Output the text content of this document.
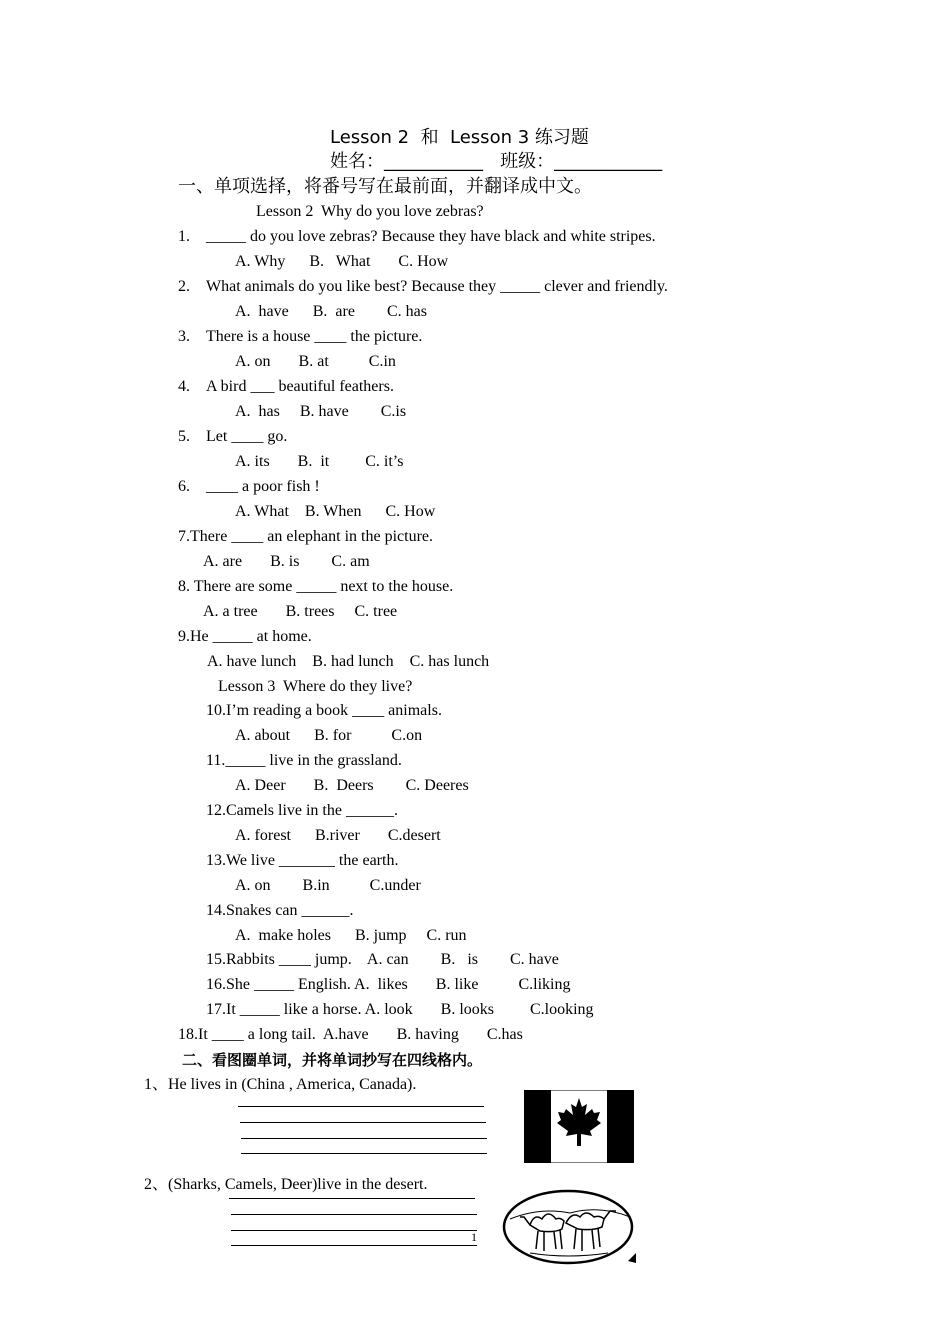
Lesson 2  和  Lesson 3 练习题
姓名：___________   班级：____________
一、单项选择，将番号写在最前面，并翻译成中文。
Lesson 2  Why do you love zebras?
1. _____ do you love zebras? Because they have black and white stripes.
A. Why      B.   What       C. How
2. What animals do you like best? Because they _____ clever and friendly.
A.  have      B.  are        C. has
3. There is a house ____ the picture.
A. on       B. at          C.in
4. A bird ___ beautiful feathers.
A.  has     B. have        C.is
5. Let ____ go.
A. its       B.  it         C. it’s
6. ____ a poor fish !
A. What    B. When      C. How
7.There ____ an elephant in the picture.
A. are       B. is        C. am
8. There are some _____ next to the house.
A. a tree       B. trees     C. tree
9.He _____ at home.
A. have lunch    B. had lunch    C. has lunch
Lesson 3  Where do they live?
10.I’m reading a book ____ animals.
A. about      B. for          C.on
11._____ live in the grassland.
A. Deer       B.  Deers        C. Deeres
12.Camels live in the ______.
A. forest      B.river       C.desert
13.We live _______ the earth.
A. on        B.in          C.under
14.Snakes can ______.
A.  make holes      B. jump     C. run
15.Rabbits ____ jump.    A. can        B.   is        C. have
16.She _____ English. A.  likes       B. like          C.liking
17.It _____ like a horse. A. look       B. looks         C.looking
18.It ____ a long tail.  A.have       B. having       C.has
二、看图圈单词，并将单词抄写在四线格内。
1、He lives in (China , America, Canada).
2、(Sharks, Camels, Deer)live in the desert.
1
